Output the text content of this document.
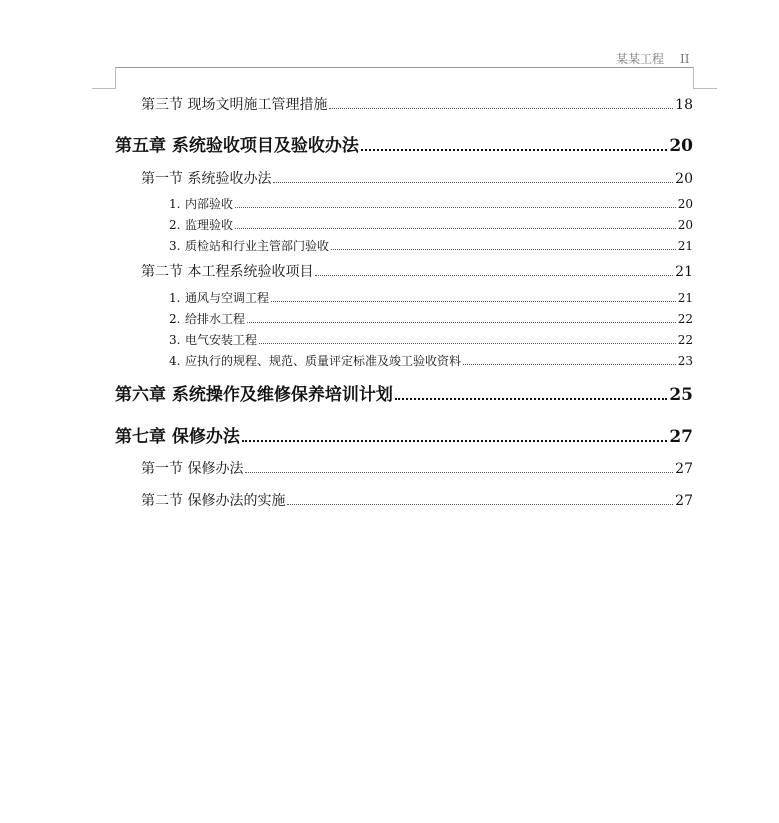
某某工程 II
第三节 现场文明施工管理措施	18
第五章 系统验收项目及验收办法	20
第一节 系统验收办法	20
1. 内部验收	20
2. 监理验收	20
3. 质检站和行业主管部门验收	21
第二节 本工程系统验收项目	21
1. 通风与空调工程	21
2. 给排水工程	22
3. 电气安装工程	22
4. 应执行的规程、规范、质量评定标准及竣工验收资料	23
第六章 系统操作及维修保养培训计划	25
第七章 保修办法	27
第一节 保修办法	27
第二节 保修办法的实施	27
